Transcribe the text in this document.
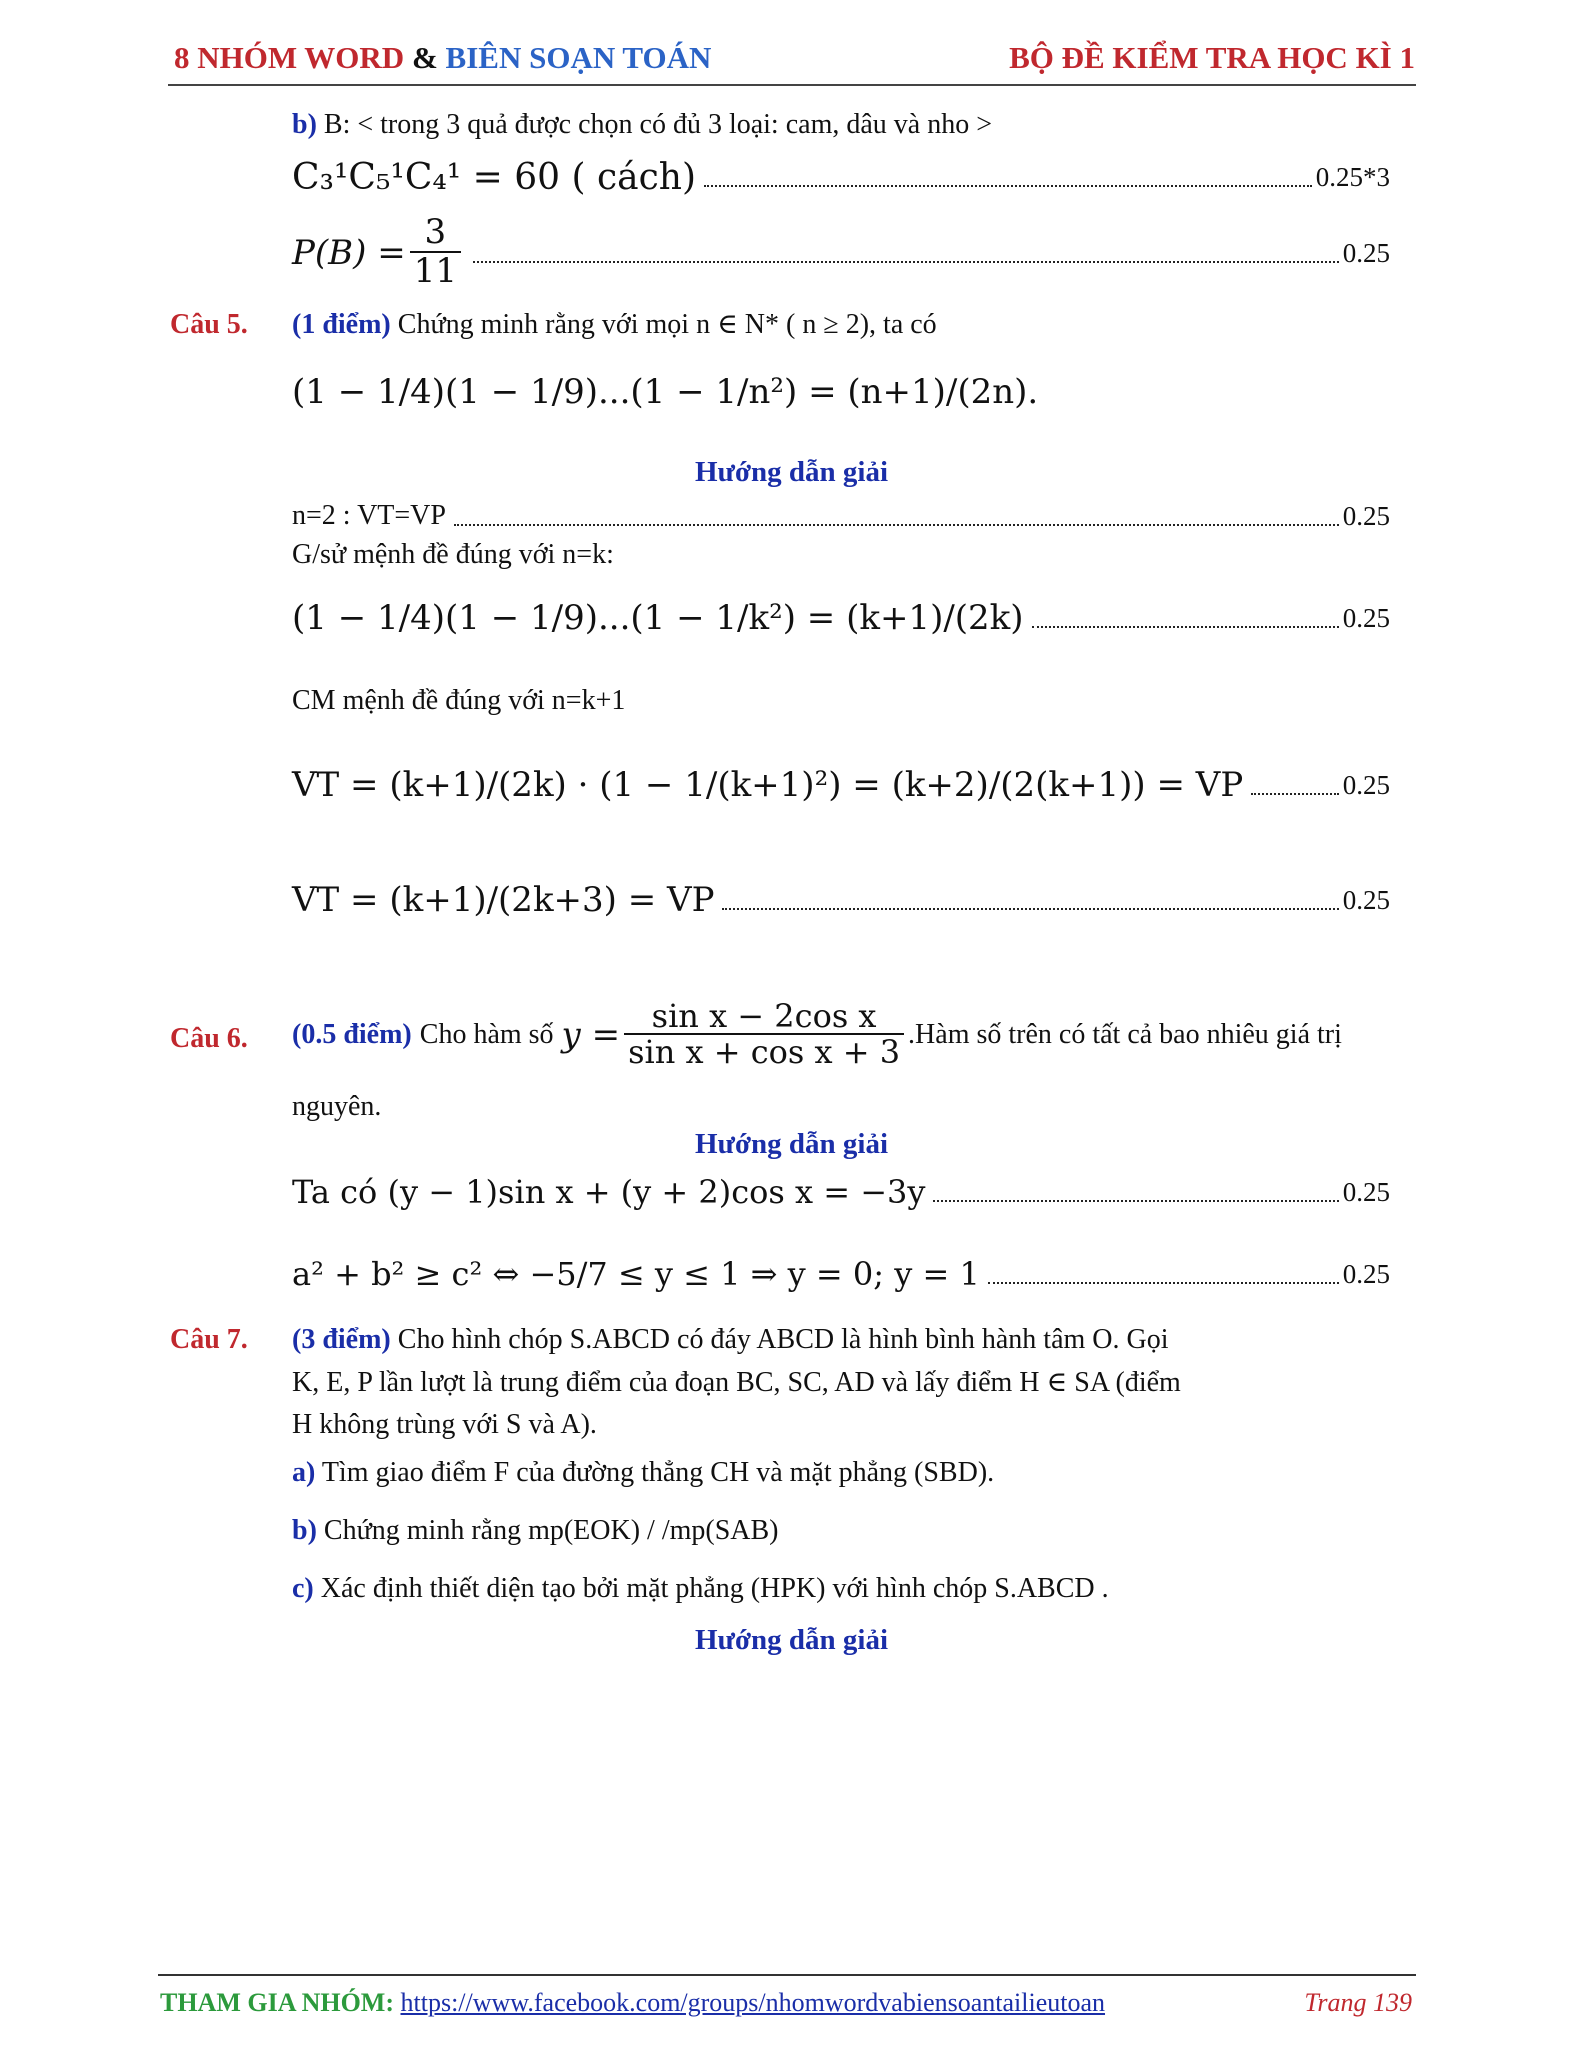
8 NHÓM WORD & BIÊN SOẠN TOÁN	BỘ ĐỀ KIỂM TRA HỌC KÌ 1
b) B: < trong 3 quả được chọn có đủ 3 loại: cam, dâu và nho >
C₃¹C₅¹C₄¹ = 60 ( cách)	0.25*3
$P(B) = \frac{3}{11}$	0.25
Câu 5. (1 điểm) Chứng minh rằng với mọi n ∈ N* ( n ≥ 2), ta có
(1 − 1/4)(1 − 1/9)...(1 − 1/n²) = (n+1)/(2n).
Hướng dẫn giải
n=2 : VT=VP	0.25
G/sử mệnh đề đúng với n=k:
(1 − 1/4)(1 − 1/9)...(1 − 1/k²) = (k+1)/(2k)	0.25
CM mệnh đề đúng với n=k+1
VT = (k+1)/(2k) · (1 − 1/(k+1)²) = (k+2)/(2(k+1)) = VP	0.25
VT = (k+1)/(2k+3) = VP	0.25
Câu 6. (0.5 điểm) Cho hàm số $y = \frac{\text{sin x − 2cos x}}{\text{sin x + cos x + 3}}$ .Hàm số trên có tất cả bao nhiêu giá trị
nguyên.
Hướng dẫn giải
Ta có (y − 1)sin x + (y + 2)cos x = −3y	0.25
a² + b² ≥ c² ⇔ −5/7 ≤ y ≤ 1 ⇒ y = 0; y = 1	0.25
Câu 7. (3 điểm) Cho hình chóp S.ABCD có đáy ABCD là hình bình hành tâm O. Gọi
K, E, P lần lượt là trung điểm của đoạn BC, SC, AD và lấy điểm H ∈ SA (điểm
H không trùng với S và A).
a) Tìm giao điểm F của đường thẳng CH và mặt phẳng (SBD).
b) Chứng minh rằng mp(EOK) / /mp(SAB)
c) Xác định thiết diện tạo bởi mặt phẳng (HPK) với hình chóp S.ABCD .
Hướng dẫn giải
THAM GIA NHÓM: https://www.facebook.com/groups/nhomwordvabiensoantailieutoan	Trang 139
